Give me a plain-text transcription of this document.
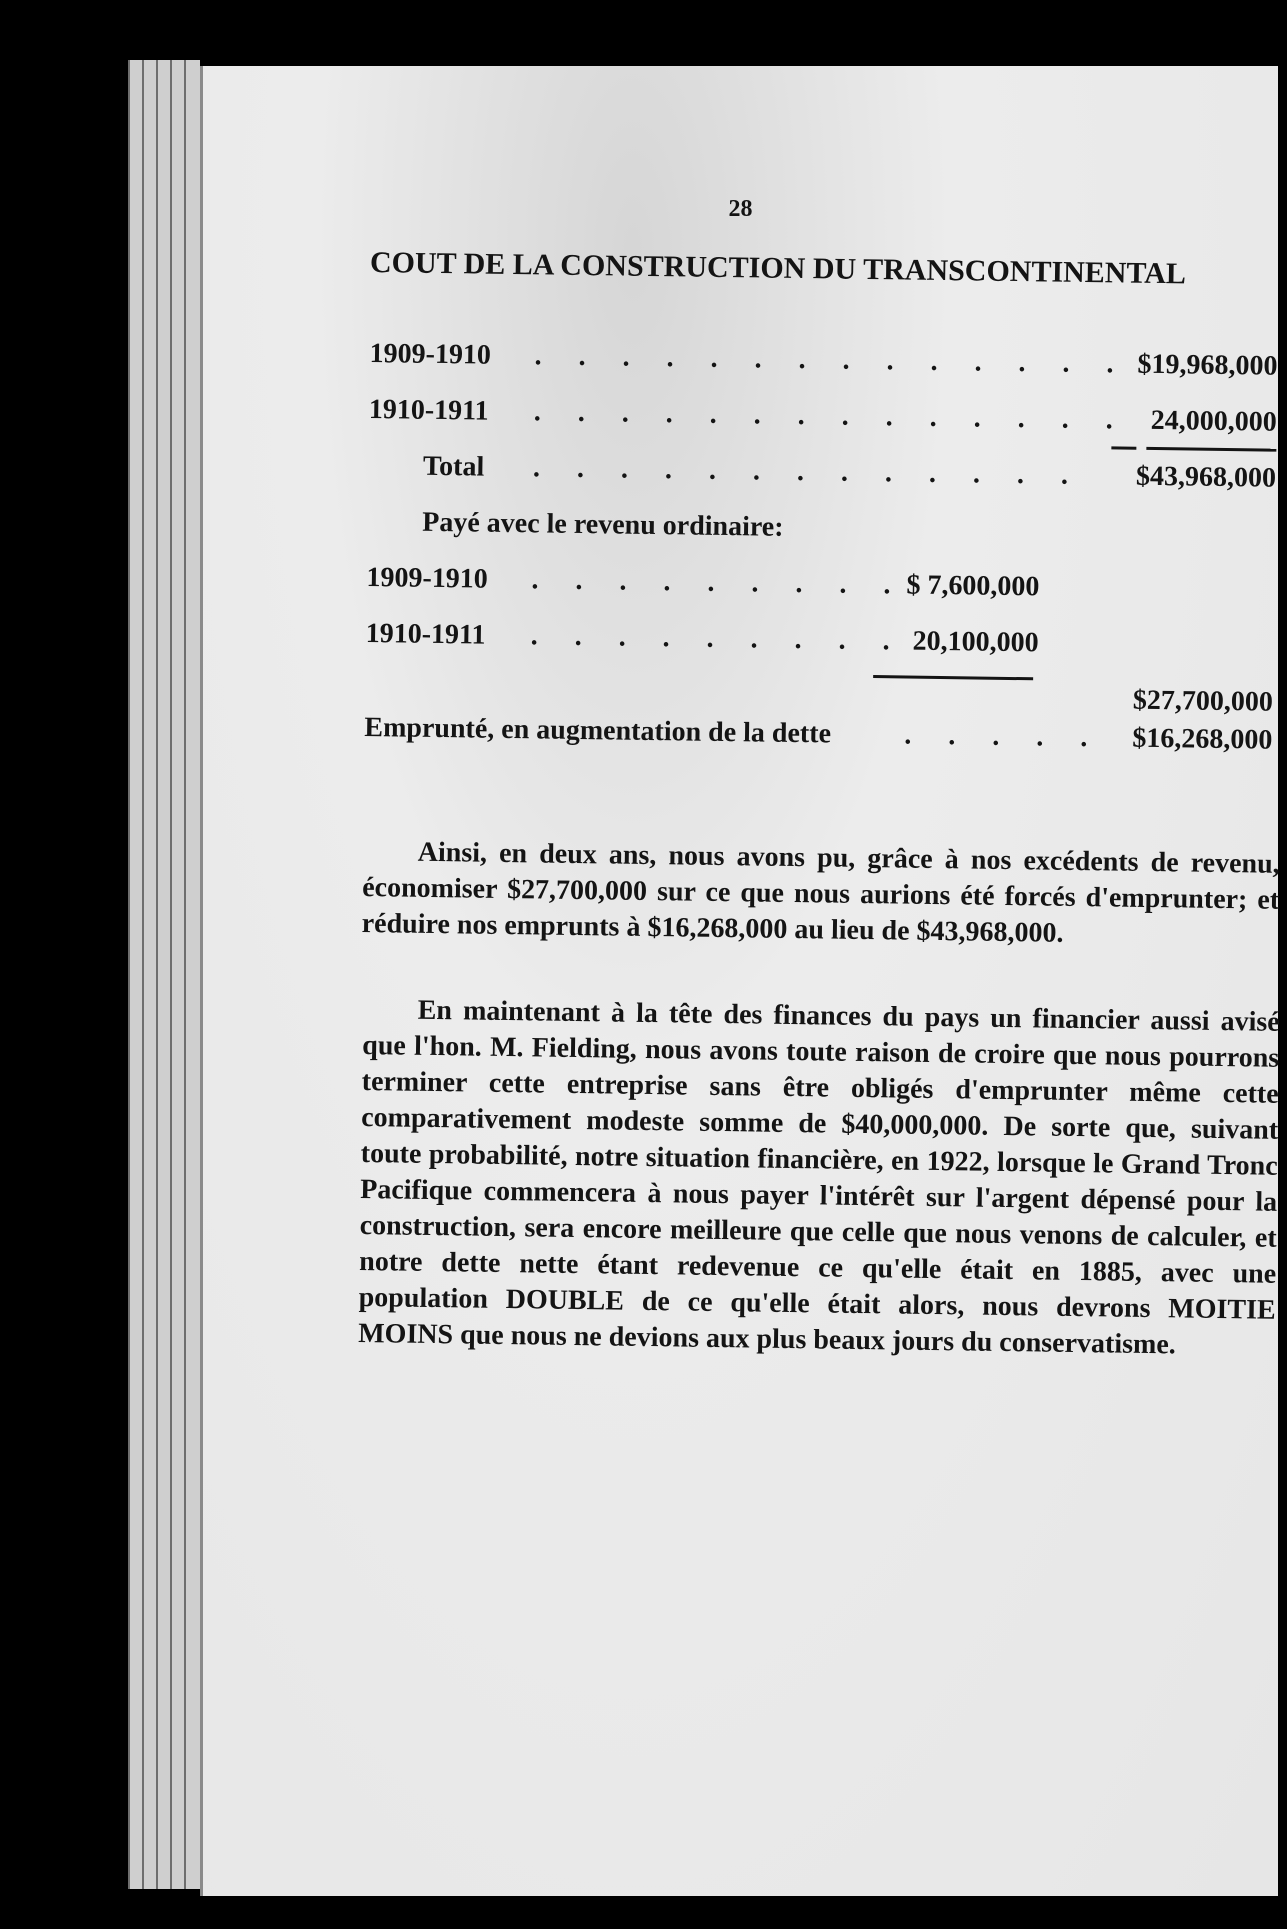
28
COUT DE LA CONSTRUCTION DU TRANSCONTINENTAL
1909-1910 . . . . . . . . . . . . . . $19,968,000
1910-1911 . . . . . . . . . . . . . . 24,000,000
Total . . . . . . . . . . . . . $43,968,000
Payé avec le revenu ordinaire:
1909-1910 . . . . . . . . . $ 7,600,000
1910-1911 . . . . . . . . . 20,100,000
$27,700,000
Emprunté, en augmentation de la dette	. . . . . $16,268,000

Ainsi, en deux ans, nous avons pu, grâce à nos excédents de revenu, économiser $27,700,000 sur ce que nous aurions été forcés d'emprunter; et réduire nos emprunts à $16,268,000 au lieu de $43,968,000.

En maintenant à la tête des finances du pays un financier aussi avisé que l'hon. M. Fielding, nous avons toute raison de croire que nous pourrons terminer cette entreprise sans être obligés d'emprunter même cette comparativement modeste somme de $40,000,000. De sorte que, suivant toute probabilité, notre situation financière, en 1922, lorsque le Grand Tronc Pacifique commencera à nous payer l'intérêt sur l'argent dépensé pour la construction, sera encore meilleure que celle que nous venons de calculer, et notre dette nette étant redevenue ce qu'elle était en 1885, avec une population DOUBLE de ce qu'elle était alors, nous devrons MOITIE MOINS que nous ne devions aux plus beaux jours du conservatisme.
